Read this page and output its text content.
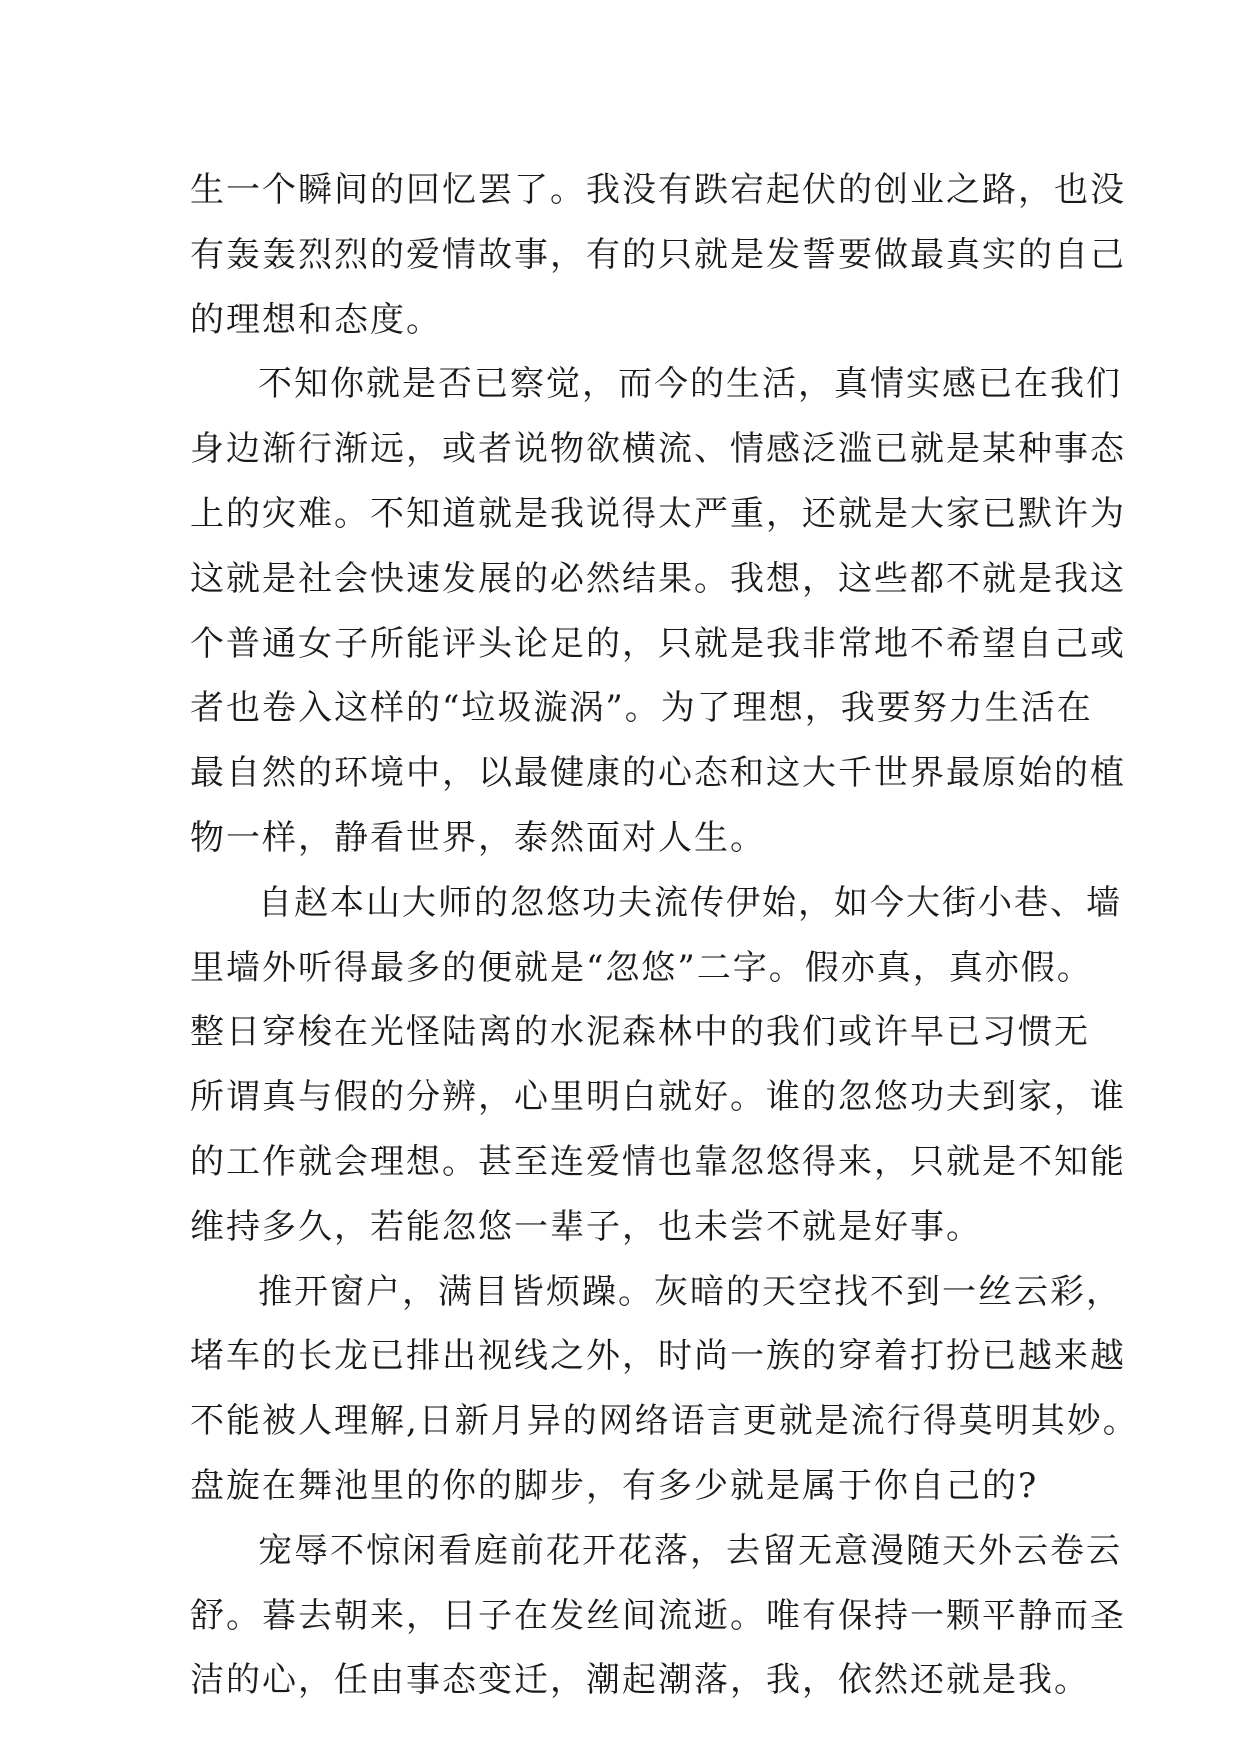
生一个瞬间的回忆罢了。我没有跌宕起伏的创业之路，也没
有轰轰烈烈的爱情故事，有的只就是发誓要做最真实的自己
的理想和态度。
不知你就是否已察觉，而今的生活，真情实感已在我们
身边渐行渐远，或者说物欲横流、情感泛滥已就是某种事态
上的灾难。不知道就是我说得太严重，还就是大家已默许为
这就是社会快速发展的必然结果。我想，这些都不就是我这
个普通女子所能评头论足的，只就是我非常地不希望自己或
者也卷入这样的“垃圾漩涡”。为了理想，我要努力生活在
最自然的环境中，以最健康的心态和这大千世界最原始的植
物一样，静看世界，泰然面对人生。
自赵本山大师的忽悠功夫流传伊始，如今大街小巷、墙
里墙外听得最多的便就是“忽悠”二字。假亦真，真亦假。
整日穿梭在光怪陆离的水泥森林中的我们或许早已习惯无
所谓真与假的分辨，心里明白就好。谁的忽悠功夫到家，谁
的工作就会理想。甚至连爱情也靠忽悠得来，只就是不知能
维持多久，若能忽悠一辈子，也未尝不就是好事。
推开窗户，满目皆烦躁。灰暗的天空找不到一丝云彩，
堵车的长龙已排出视线之外，时尚一族的穿着打扮已越来越
不能被人理解,日新月异的网络语言更就是流行得莫明其妙。
盘旋在舞池里的你的脚步，有多少就是属于你自己的?
宠辱不惊闲看庭前花开花落，去留无意漫随天外云卷云
舒。暮去朝来，日子在发丝间流逝。唯有保持一颗平静而圣
洁的心，任由事态变迁，潮起潮落，我，依然还就是我。
